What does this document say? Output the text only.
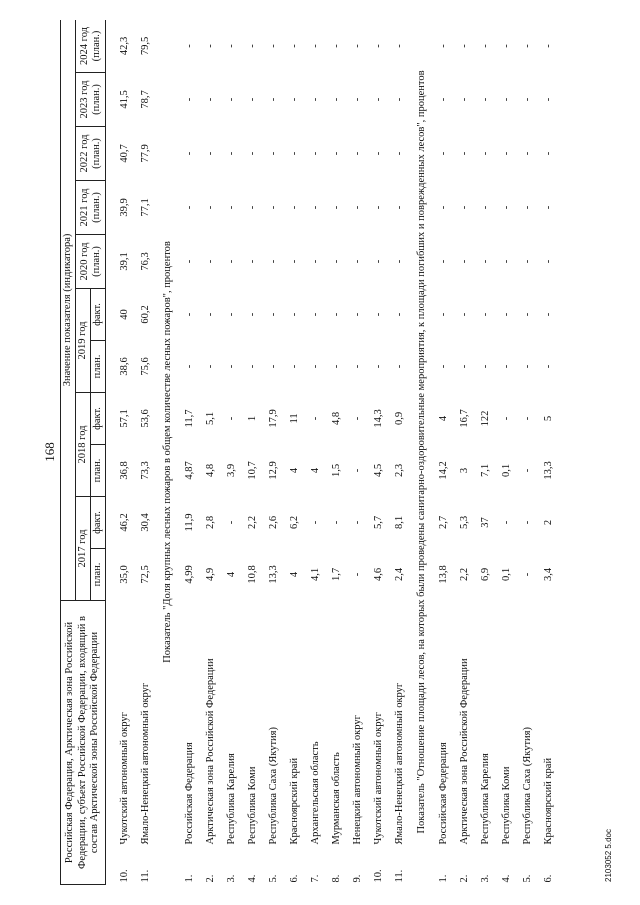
168
2103052 5.doc
Российская Федерация, Арктическая зона Российской Федерации, субъект Российской Федерации, входящий в состав Арктической зоны Российской Федерации		Значение показателя (индикатора)										
		2017 год		2018 год		2019 год		2020 год (план.)	2021 год (план.)	2022 год (план.)	2023 год (план.)	2024 год (план.)
		план.	факт.	план.	факт.	план.	факт.					

10.	Чукотский автономный округ	35,0	46,2	36,8	57,1	38,6	40	39,1	39,9	40,7	41,5	42,3
11.	Ямало-Ненецкий автономный округ	72,5	30,4	73,3	53,6	75,6	60,2	76,3	77,1	77,9	78,7	79,5
Показатель "Доля крупных лесных пожаров в общем количестве лесных пожаров", процентов												
1.	Российская Федерация	4,99	11,9	4,87	11,7	-	-	-	-	-	-	-
2.	Арктическая зона Российской Федерации	4,9	2,8	4,8	5,1	-	-	-	-	-	-	-
3.	Республика Карелия	4	-	3,9	-	-	-	-	-	-	-	-
4.	Республика Коми	10,8	2,2	10,7	1	-	-	-	-	-	-	-
5.	Республика Саха (Якутия)	13,3	2,6	12,9	17,9	-	-	-	-	-	-	-
6.	Красноярский край	4	6,2	4	11	-	-	-	-	-	-	-
7.	Архангельская область	4,1	-	4	-	-	-	-	-	-	-	-
8.	Мурманская область	1,7	-	1,5	4,8	-	-	-	-	-	-	-
9.	Ненецкий автономный округ	-	-	-	-	-	-	-	-	-	-	-
10.	Чукотский автономный округ	4,6	5,7	4,5	14,3	-	-	-	-	-	-	-
11.	Ямало-Ненецкий автономный округ	2,4	8,1	2,3	0,9	-	-	-	-	-	-	-
Показатель "Отношение площади лесов, на которых были проведены санитарно-оздоровительные мероприятия, к площади погибших и поврежденных лесов", процентов												
1.	Российская Федерация	13,8	2,7	14,2	4	-	-	-	-	-	-	-
2.	Арктическая зона Российской Федерации	2,2	5,3	3	16,7	-	-	-	-	-	-	-
3.	Республика Карелия	6,9	37	7,1	122	-	-	-	-	-	-	-
4.	Республика Коми	0,1	-	0,1	-	-	-	-	-	-	-	-
5.	Республика Саха (Якутия)	-	-	-	-	-	-	-	-	-	-	-
6.	Красноярский край	3,4	2	13,3	5	-	-	-	-	-	-	-
